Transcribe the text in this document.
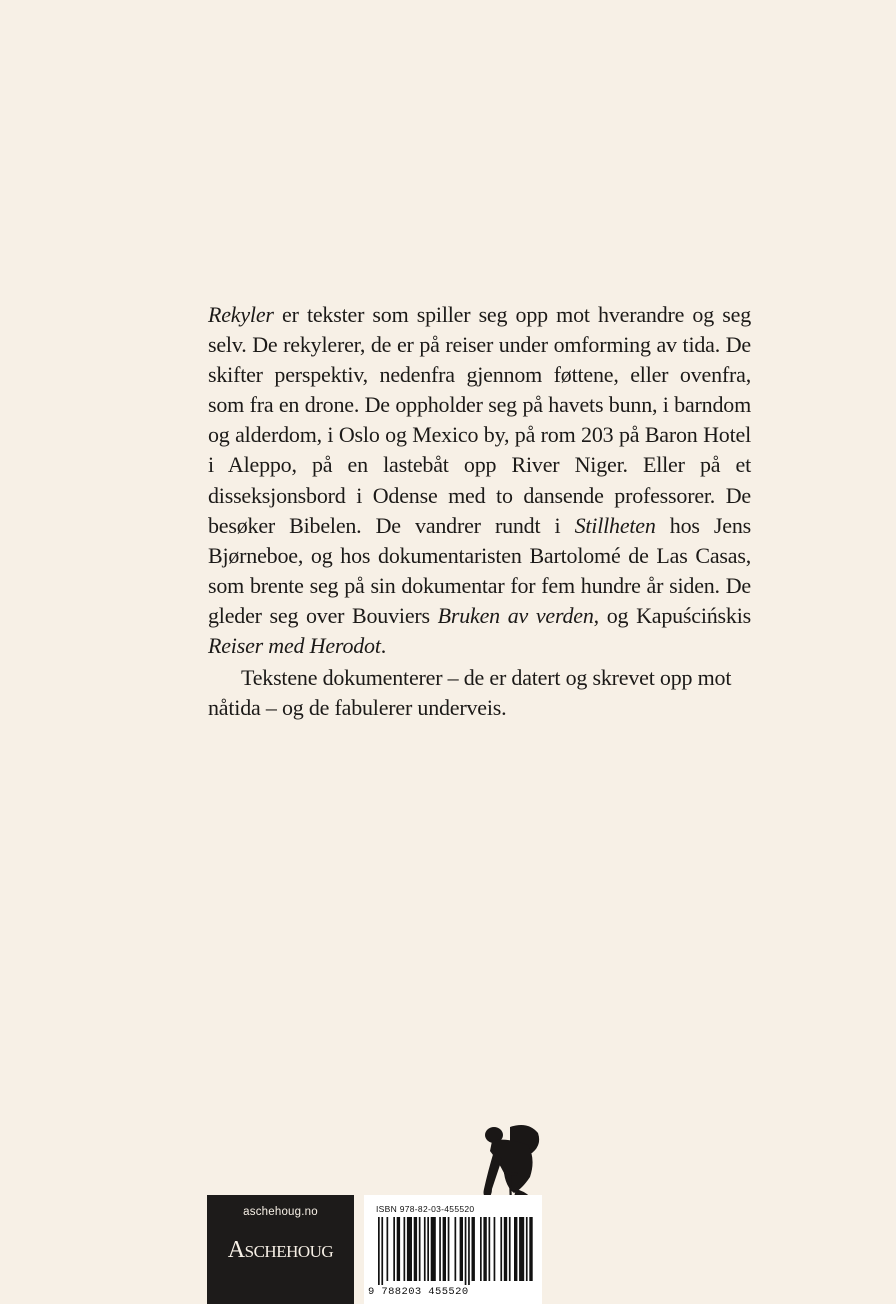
Rekyler er tekster som spiller seg opp mot hverandre og seg selv. De rekylerer, de er på reiser under omforming av tida. De skifter perspektiv, nedenfra gjennom føttene, eller ovenfra, som fra en drone. De oppholder seg på havets bunn, i barndom og alderdom, i Oslo og Mexico by, på rom 203 på Baron Hotel i Aleppo, på en lastebåt opp River Niger. Eller på et disseksjonsbord i Odense med to dansende professorer. De besøker Bibelen. De vandrer rundt i Stillheten hos Jens Bjørneboe, og hos dokumentaristen Bartolomé de Las Casas, som brente seg på sin dokumentar for fem hundre år siden. De gleder seg over Bouviers Bruken av verden, og Kapuścińskis Reiser med Herodot.

Tekstene dokumenterer – de er datert og skrevet opp mot nåtida – og de fabulerer underveis.

aschehoug.no
Aschehoug
ISBN 978-82-03-455520
9 788203 455520
